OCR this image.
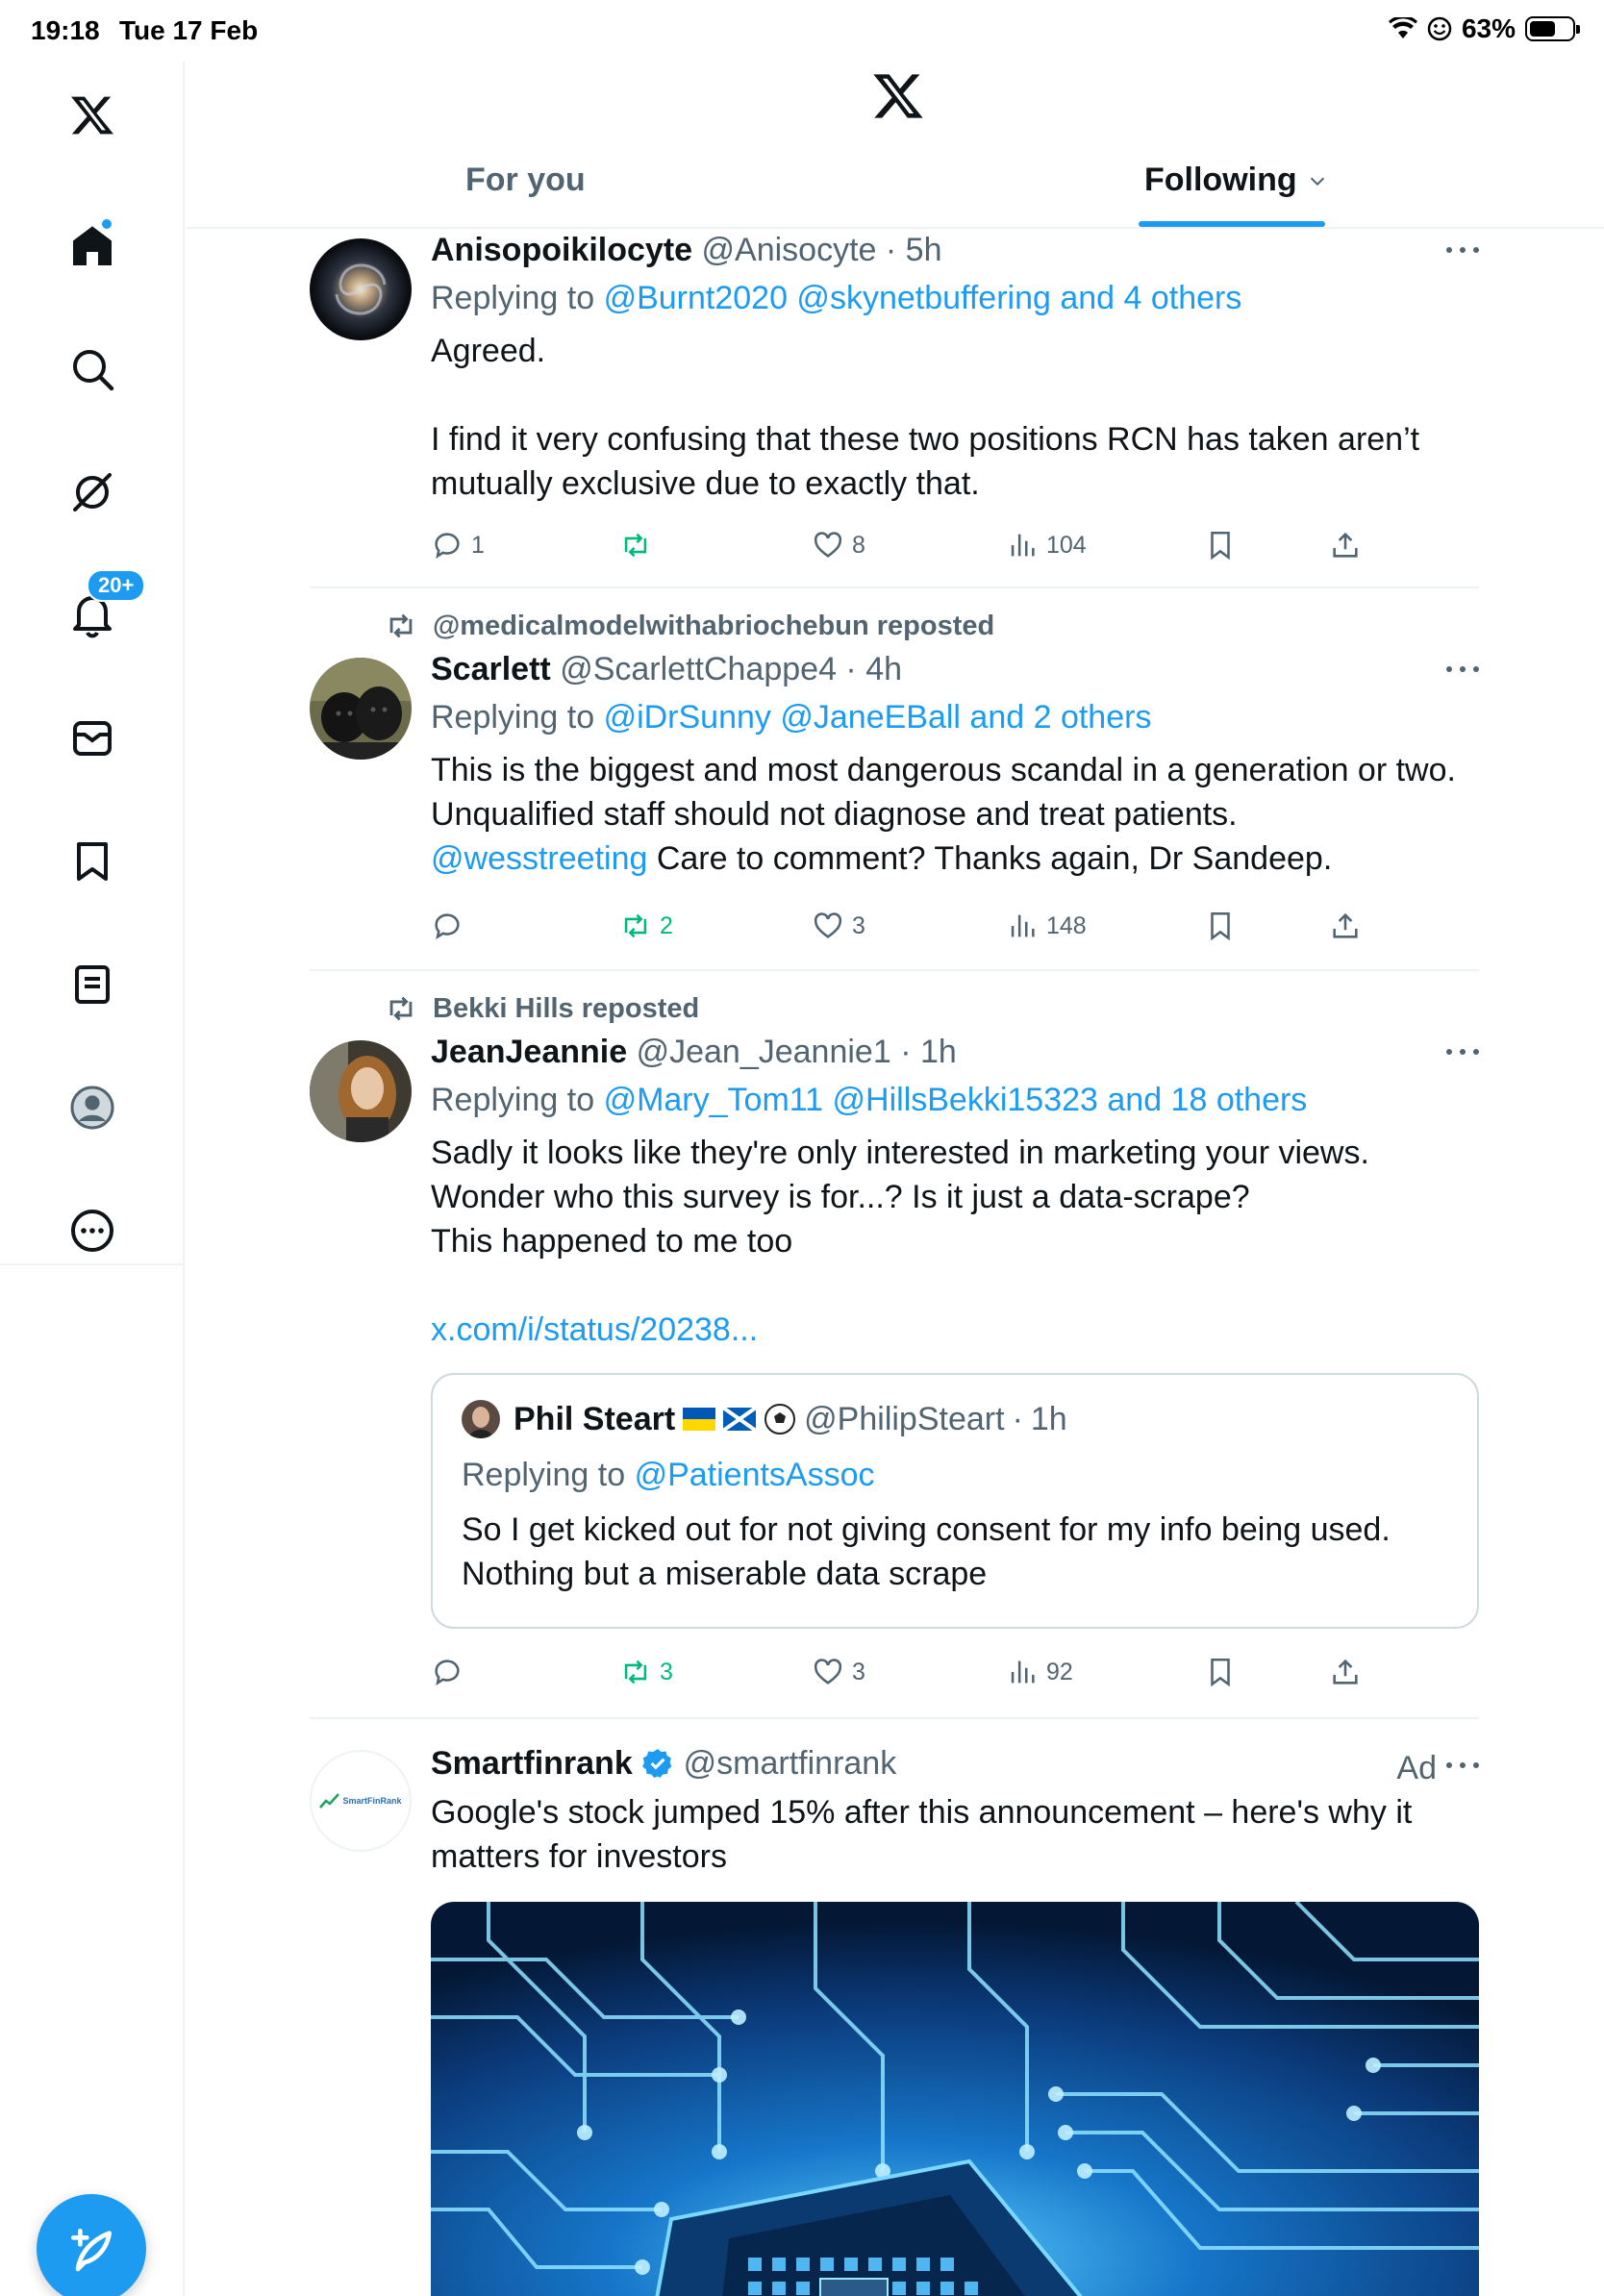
19:18 Tue 17 Feb	63%
20+
For you	Following
Anisopoikilocyte @Anisocyte · 5h
Replying to @Burnt2020 @skynetbuffering and 4 others

Agreed.

I find it very confusing that these two positions RCN has taken aren’t mutually exclusive due to exactly that.

1	8	104
@medicalmodelwithabriochebun reposted
Scarlett @ScarlettChappe4 · 4h
Replying to @iDrSunny @JaneEBall and 2 others

This is the biggest and most dangerous scandal in a generation or two.

Unqualified staff should not diagnose and treat patients.

@wesstreeting Care to comment? Thanks again, Dr Sandeep.

2	3	148
Bekki Hills reposted
JeanJeannie @Jean_Jeannie1 · 1h
Replying to @Mary_Tom11 @HillsBekki15323 and 18 others

Sadly it looks like they're only interested in marketing your views.

Wonder who this survey is for...? Is it just a data-scrape?

This happened to me too

x.com/i/status/20238...

Phil Steart	@PhilipSteart · 1h
Replying to @PatientsAssoc

So I get kicked out for not giving consent for my info being used.

Nothing but a miserable data scrape

3	3	92
SmartFinRank
Smartfinrank @smartfinrank

Google's stock jumped 15% after this announcement – here's why it

matters for investors

Ad
